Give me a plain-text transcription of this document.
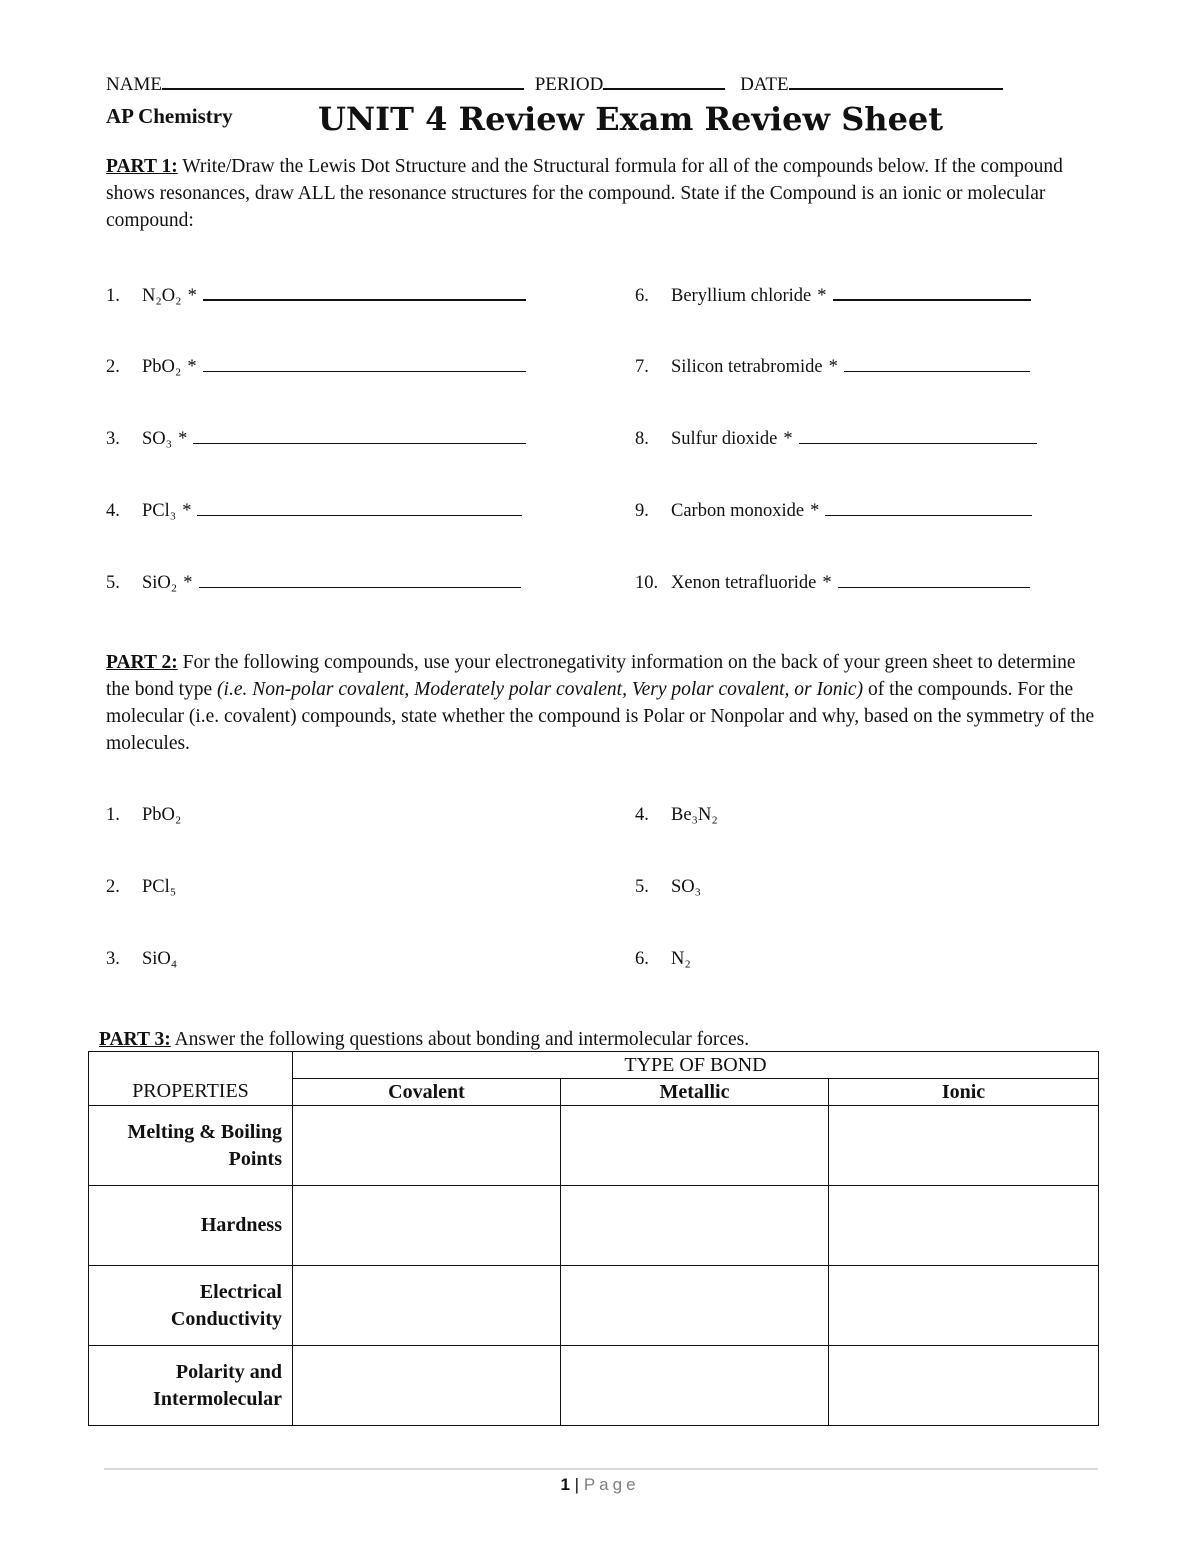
NAME	PERIOD	DATE
AP Chemistry	UNIT 4 Review Exam Review Sheet
PART 1: Write/Draw the Lewis Dot Structure and the Structural formula for all of the compounds below. If the compound shows resonances, draw ALL the resonance structures for the compound. State if the Compound is an ionic or molecular compound:
1. N₂O₂ *
2. PbO₂ *
3. SO₃ *
4. PCl₃ *
5. SiO₂ *
6. Beryllium chloride *
7. Silicon tetrabromide *
8. Sulfur dioxide *
9. Carbon monoxide *
10. Xenon tetrafluoride *
PART 2: For the following compounds, use your electronegativity information on the back of your green sheet to determine the bond type (i.e. Non-polar covalent, Moderately polar covalent, Very polar covalent, or Ionic) of the compounds. For the molecular (i.e. covalent) compounds, state whether the compound is Polar or Nonpolar and why, based on the symmetry of the molecules.
1. PbO₂
2. PCl₅
3. SiO₄
4. Be₃N₂
5. SO₃
6. N₂
PART 3: Answer the following questions about bonding and intermolecular forces.
PROPERTIES	TYPE OF BOND		
	Covalent	Metallic	Ionic

Melting & Boiling
Points			

Hardness			

Electrical
Conductivity			

Polarity and
Intermolecular			

1 | Page
